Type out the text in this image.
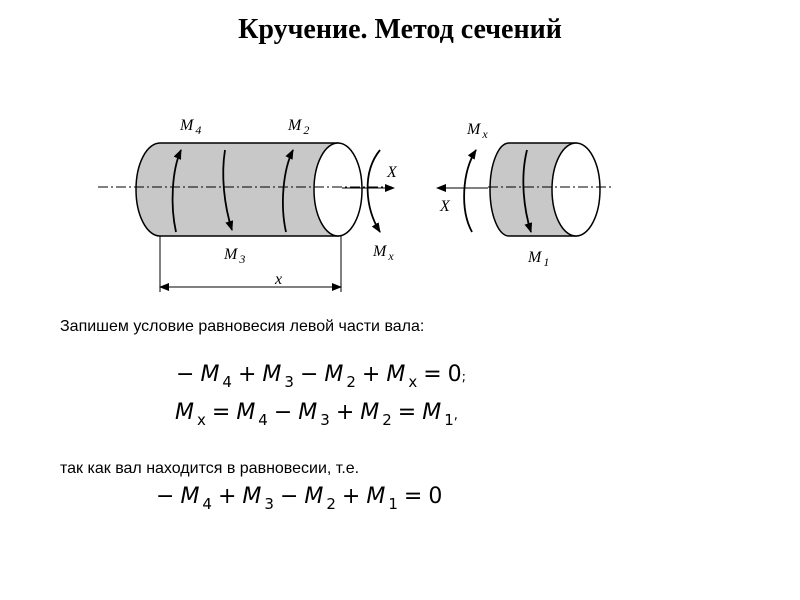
Кручение. Метод сечений
M $_4$	M $_2$
M $_3$	M $_x$
X
x
M $_x$
M $_1$
X
Запишем условие равновесия левой части вала:
− M $_4$ + M $_3$ − M $_2$ + M $_x$ = 0;
M $_x$ = M $_4$ − M $_3$ + M $_2$ = M $_1$,
так как вал находится в равновесии, т.е.
− M $_4$ + M $_3$ − M $_2$ + M $_1$ = 0
